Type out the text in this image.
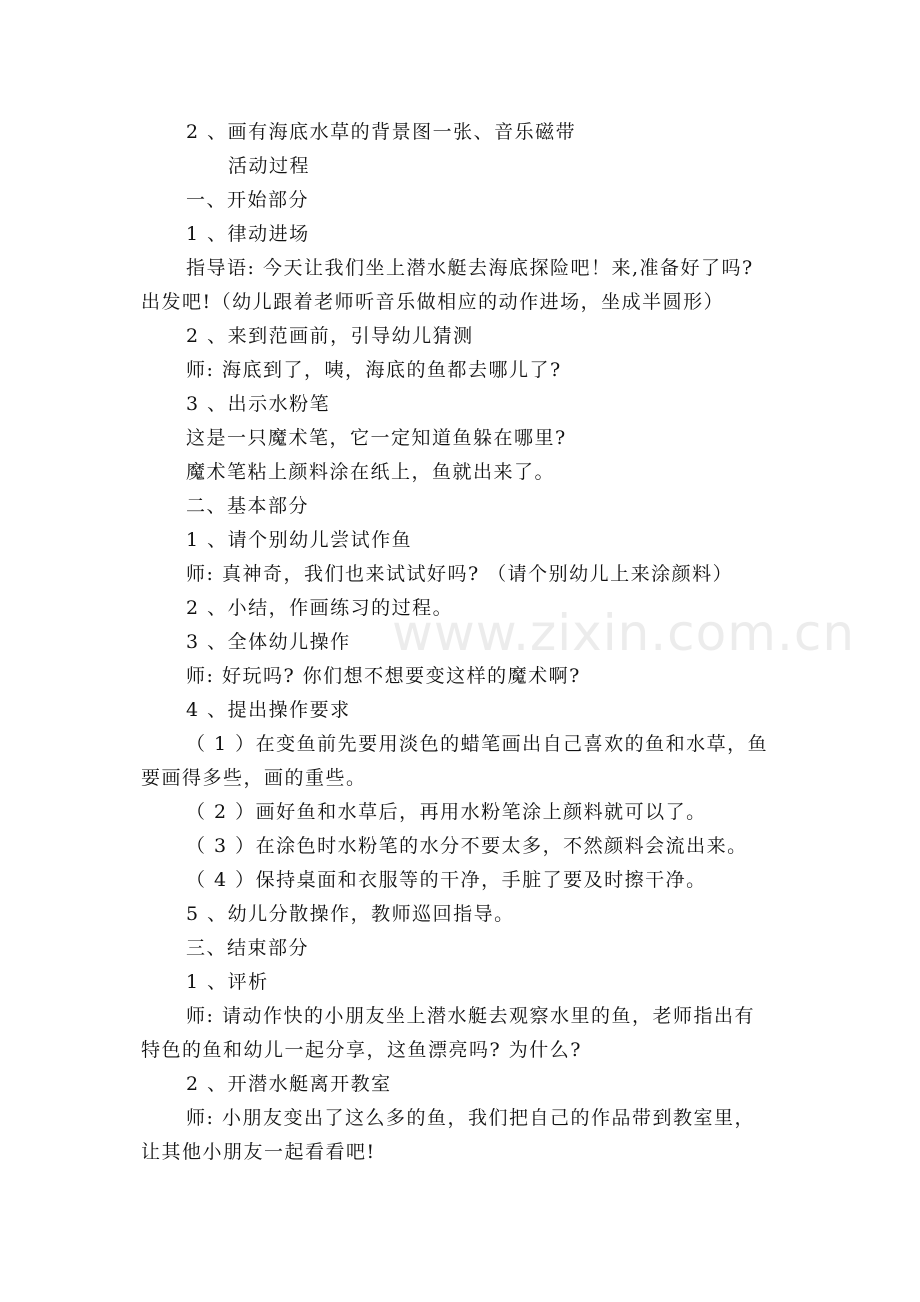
www.zixin.com.cn
2 、画有海底水草的背景图一张、音乐磁带
活动过程
一、开始部分
1 、律动进场
指导语: 今天让我们坐上潜水艇去海底探险吧！来,准备好了吗?
出发吧!（幼儿跟着老师听音乐做相应的动作进场，坐成半圆形）
2 、来到范画前，引导幼儿猜测
师: 海底到了，咦，海底的鱼都去哪儿了?
3 、出示水粉笔
这是一只魔术笔，它一定知道鱼躲在哪里?
魔术笔粘上颜料涂在纸上，鱼就出来了。
二、基本部分
1 、请个别幼儿尝试作鱼
师: 真神奇，我们也来试试好吗? （请个别幼儿上来涂颜料）
2 、小结，作画练习的过程。
3 、全体幼儿操作
师: 好玩吗? 你们想不想要变这样的魔术啊?
4 、提出操作要求
（ 1 ）在变鱼前先要用淡色的蜡笔画出自己喜欢的鱼和水草，鱼
要画得多些，画的重些。
（ 2 ）画好鱼和水草后，再用水粉笔涂上颜料就可以了。
（ 3 ）在涂色时水粉笔的水分不要太多，不然颜料会流出来。
（ 4 ）保持桌面和衣服等的干净，手脏了要及时擦干净。
5 、幼儿分散操作，教师巡回指导。
三、结束部分
1 、评析
师: 请动作快的小朋友坐上潜水艇去观察水里的鱼，老师指出有
特色的鱼和幼儿一起分享，这鱼漂亮吗? 为什么?
2 、开潜水艇离开教室
师: 小朋友变出了这么多的鱼，我们把自己的作品带到教室里，
让其他小朋友一起看看吧!
